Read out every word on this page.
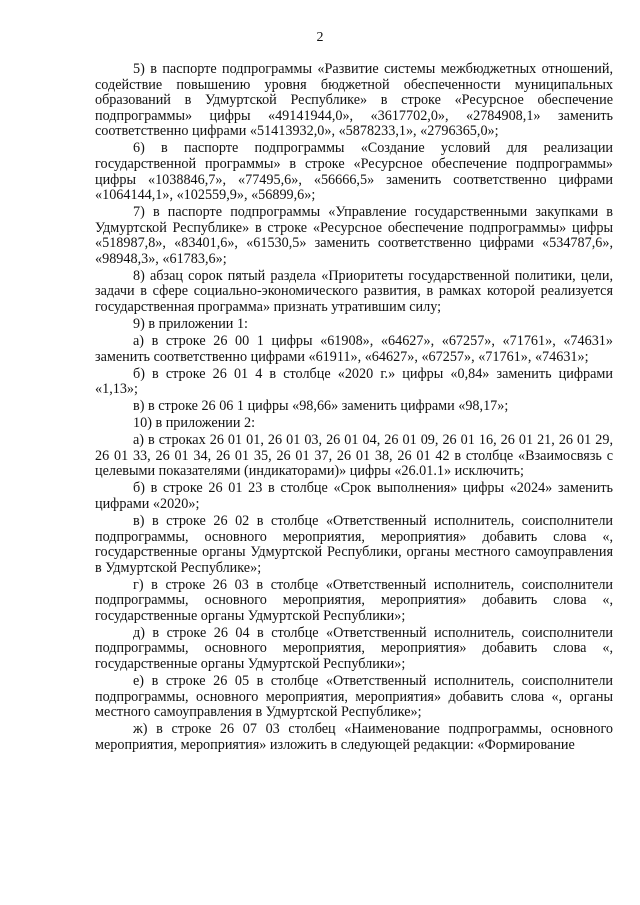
2

5) в паспорте подпрограммы «Развитие системы межбюджетных отношений, содействие повышению уровня бюджетной обеспеченности муниципальных образований в Удмуртской Республике» в строке «Ресурсное обеспечение подпрограммы» цифры «49141944,0», «3617702,0», «2784908,1» заменить соответственно цифрами «51413932,0», «5878233,1», «2796365,0»;

6) в паспорте подпрограммы «Создание условий для реализации государственной программы» в строке «Ресурсное обеспечение подпрограммы» цифры «1038846,7», «77495,6», «56666,5» заменить соответственно цифрами «1064144,1», «102559,9», «56899,6»;

7) в паспорте подпрограммы «Управление государственными закупками в Удмуртской Республике» в строке «Ресурсное обеспечение подпрограммы» цифры «518987,8», «83401,6», «61530,5» заменить соответственно цифрами «534787,6», «98948,3», «61783,6»;

8) абзац сорок пятый раздела «Приоритеты государственной политики, цели, задачи в сфере социально-экономического развития, в рамках которой реализуется государственная программа» признать утратившим силу;

9) в приложении 1:

а) в строке 26 00 1 цифры «61908», «64627», «67257», «71761», «74631» заменить соответственно цифрами «61911», «64627», «67257», «71761», «74631»;

б) в строке 26 01 4 в столбце «2020 г.» цифры «0,84» заменить цифрами «1,13»;

в) в строке 26 06 1 цифры «98,66» заменить цифрами «98,17»;

10) в приложении 2:

а) в строках 26 01 01, 26 01 03, 26 01 04, 26 01 09, 26 01 16, 26 01 21, 26 01 29, 26 01 33, 26 01 34, 26 01 35, 26 01 37, 26 01 38, 26 01 42 в столбце «Взаимосвязь с целевыми показателями (индикаторами)» цифры «26.01.1» исключить;

б) в строке 26 01 23 в столбце «Срок выполнения» цифры «2024» заменить цифрами «2020»;

в) в строке 26 02 в столбце «Ответственный исполнитель, соисполнители подпрограммы, основного мероприятия, мероприятия» добавить слова «, государственные органы Удмуртской Республики, органы местного самоуправления в Удмуртской Республике»;

г) в строке 26 03 в столбце «Ответственный исполнитель, соисполнители подпрограммы, основного мероприятия, мероприятия» добавить слова «, государственные органы Удмуртской Республики»;

д) в строке 26 04 в столбце «Ответственный исполнитель, соисполнители подпрограммы, основного мероприятия, мероприятия» добавить слова «, государственные органы Удмуртской Республики»;

е) в строке 26 05 в столбце «Ответственный исполнитель, соисполнители подпрограммы, основного мероприятия, мероприятия» добавить слова «, органы местного самоуправления в Удмуртской Республике»;

ж) в строке 26 07 03 столбец «Наименование подпрограммы, основного мероприятия, мероприятия» изложить в следующей редакции: «Формирование
